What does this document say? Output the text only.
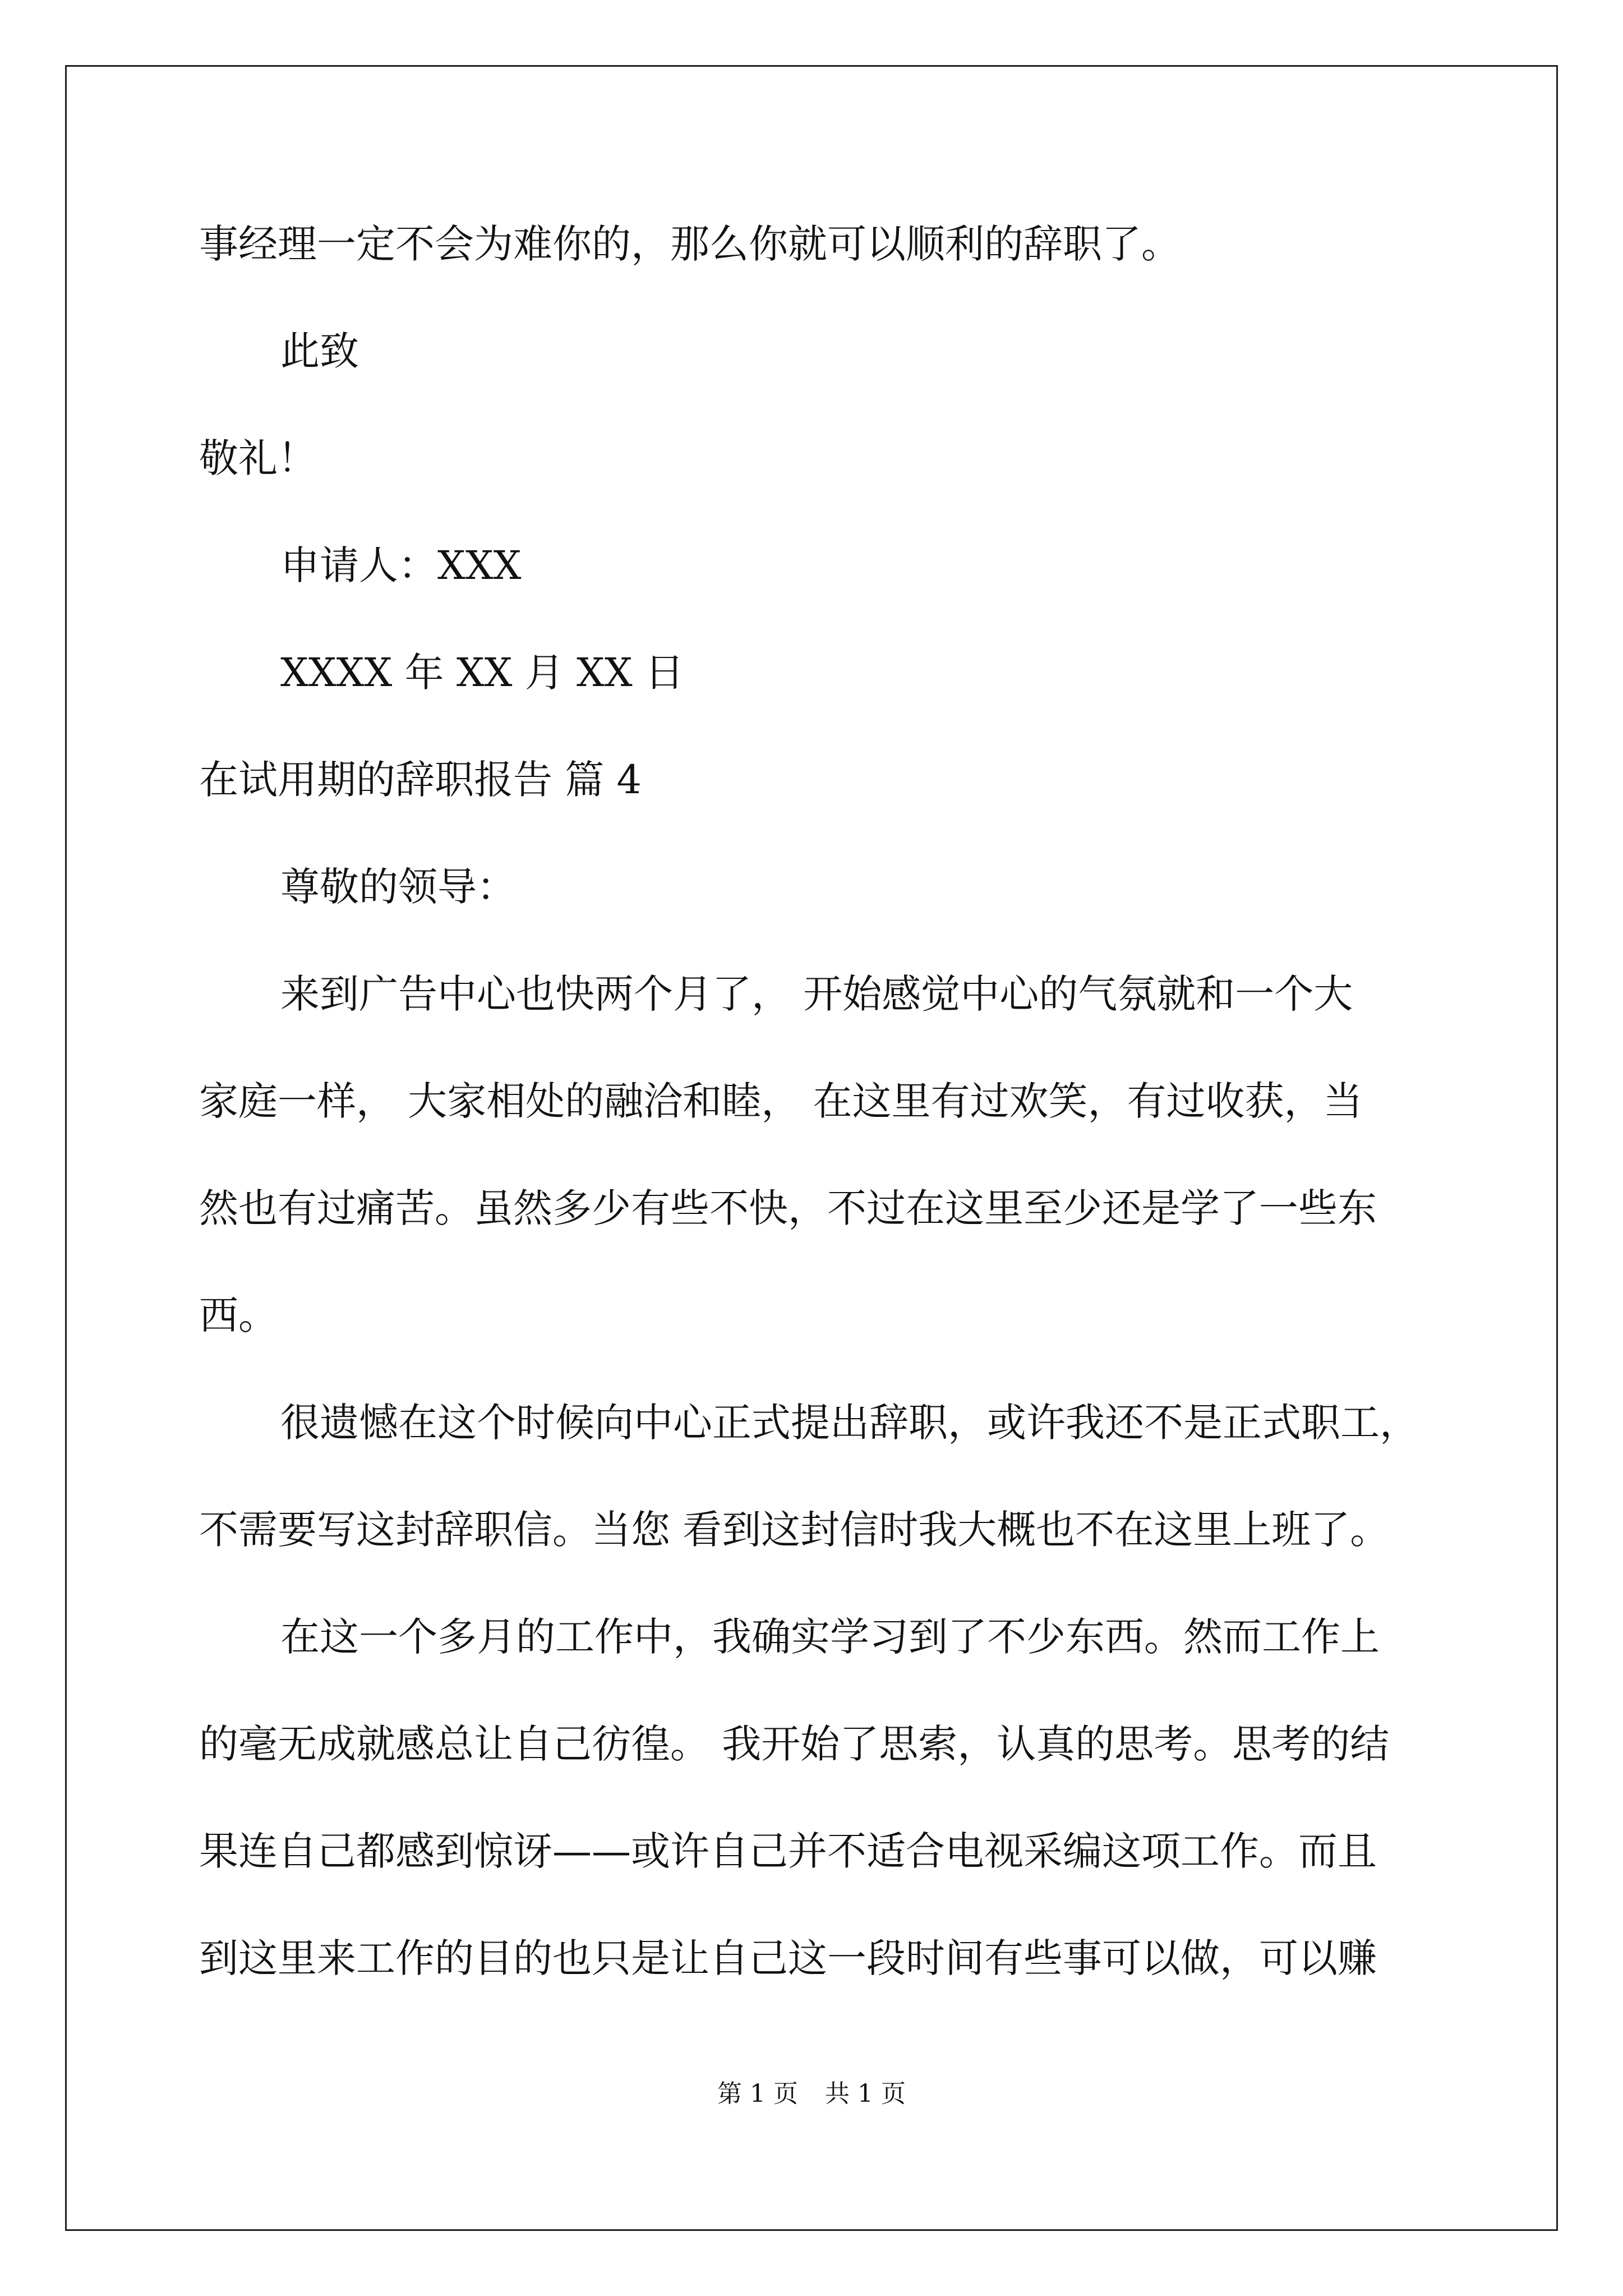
事经理一定不会为难你的，那么你就可以顺利的辞职了。
此致
敬礼！
申请人：XXX
XXXX 年 XX 月 XX 日
在试用期的辞职报告 篇 4
尊敬的领导：
来到广告中心也快两个月了， 开始感觉中心的气氛就和一个大
家庭一样， 大家相处的融洽和睦， 在这里有过欢笑，有过收获，当
然也有过痛苦。虽然多少有些不快，不过在这里至少还是学了一些东
西。
很遗憾在这个时候向中心正式提出辞职，或许我还不是正式职工，
不需要写这封辞职信。当您 看到这封信时我大概也不在这里上班了。
在这一个多月的工作中，我确实学习到了不少东西。然而工作上
的毫无成就感总让自己彷徨。 我开始了思索，认真的思考。思考的结
果连自己都感到惊讶——或许自己并不适合电视采编这项工作。而且
到这里来工作的目的也只是让自己这一段时间有些事可以做，可以赚
第 1 页 共 1 页
